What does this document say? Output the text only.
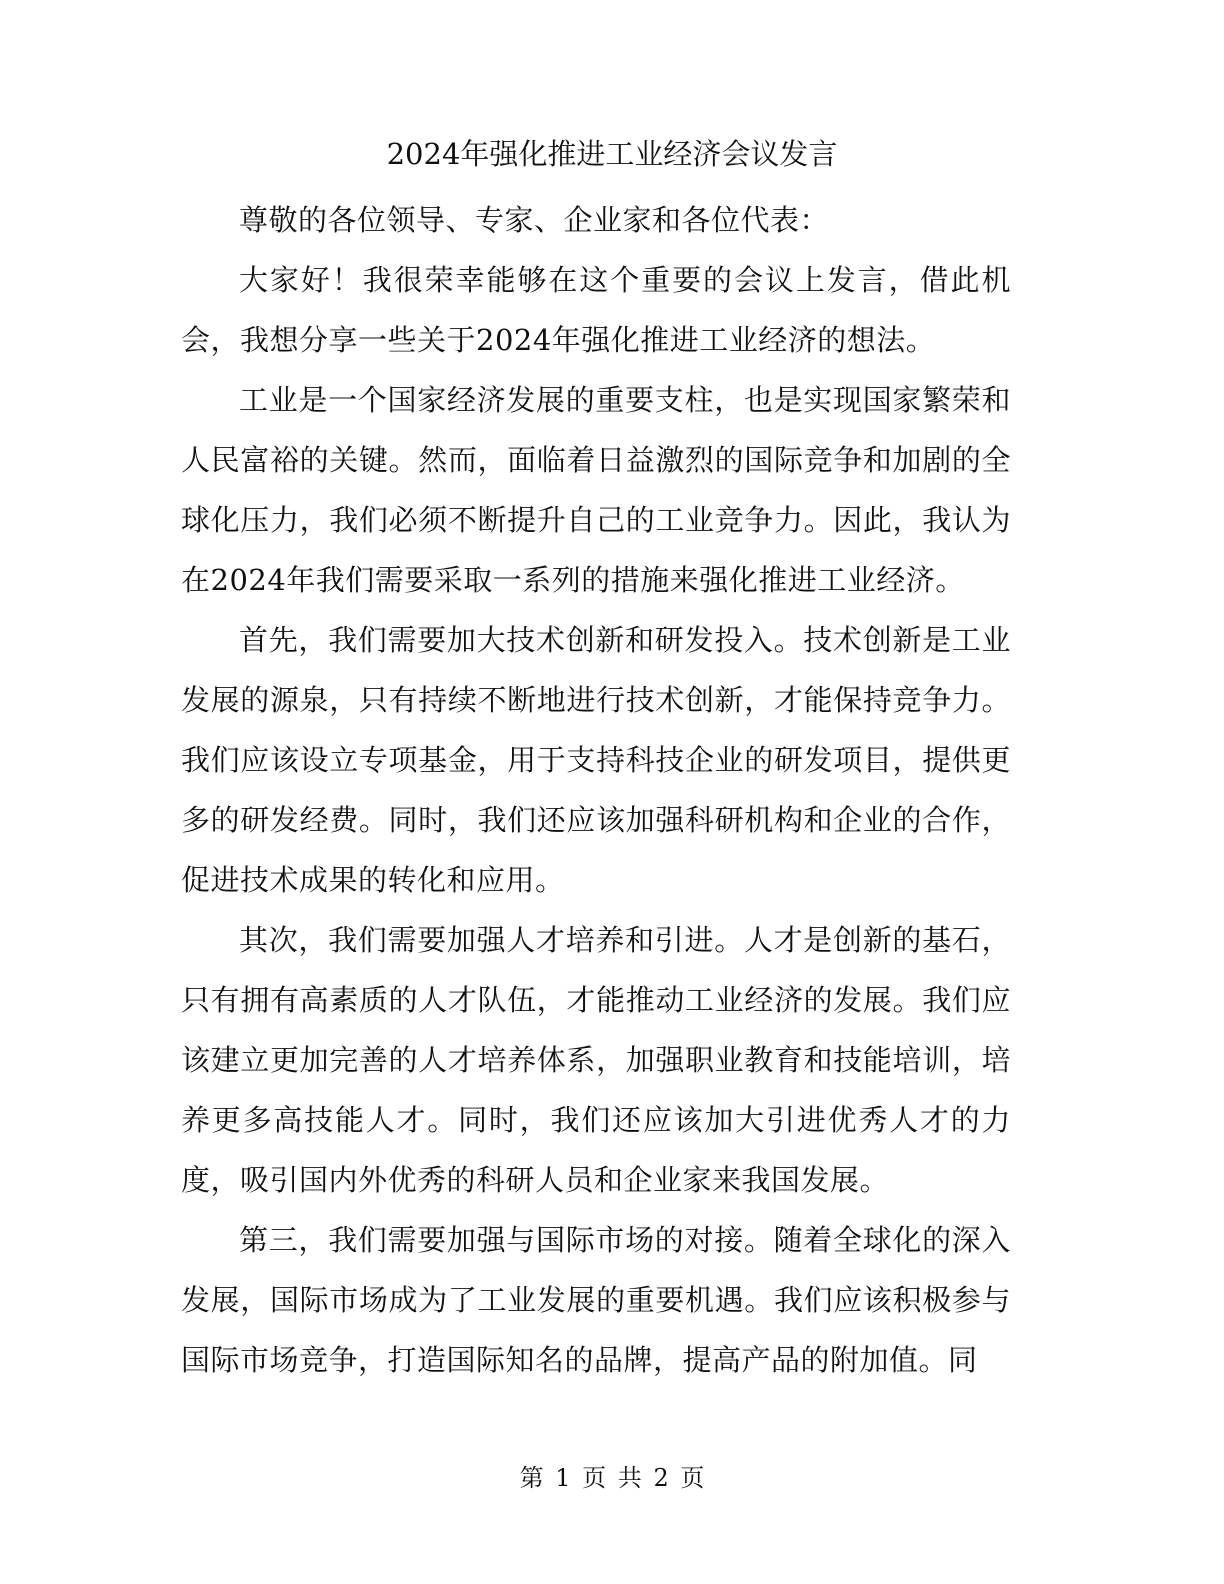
2024年强化推进工业经济会议发言

尊敬的各位领导、专家、企业家和各位代表：

大家好！我很荣幸能够在这个重要的会议上发言，借此机会，我想分享一些关于2024年强化推进工业经济的想法。

工业是一个国家经济发展的重要支柱，也是实现国家繁荣和人民富裕的关键。然而，面临着日益激烈的国际竞争和加剧的全球化压力，我们必须不断提升自己的工业竞争力。因此，我认为在2024年我们需要采取一系列的措施来强化推进工业经济。

首先，我们需要加大技术创新和研发投入。技术创新是工业发展的源泉，只有持续不断地进行技术创新，才能保持竞争力。我们应该设立专项基金，用于支持科技企业的研发项目，提供更多的研发经费。同时，我们还应该加强科研机构和企业的合作，促进技术成果的转化和应用。

其次，我们需要加强人才培养和引进。人才是创新的基石，只有拥有高素质的人才队伍，才能推动工业经济的发展。我们应该建立更加完善的人才培养体系，加强职业教育和技能培训，培养更多高技能人才。同时，我们还应该加大引进优秀人才的力度，吸引国内外优秀的科研人员和企业家来我国发展。

第三，我们需要加强与国际市场的对接。随着全球化的深入发展，国际市场成为了工业发展的重要机遇。我们应该积极参与国际市场竞争，打造国际知名的品牌，提高产品的附加值。同

第 1 页 共 2 页
